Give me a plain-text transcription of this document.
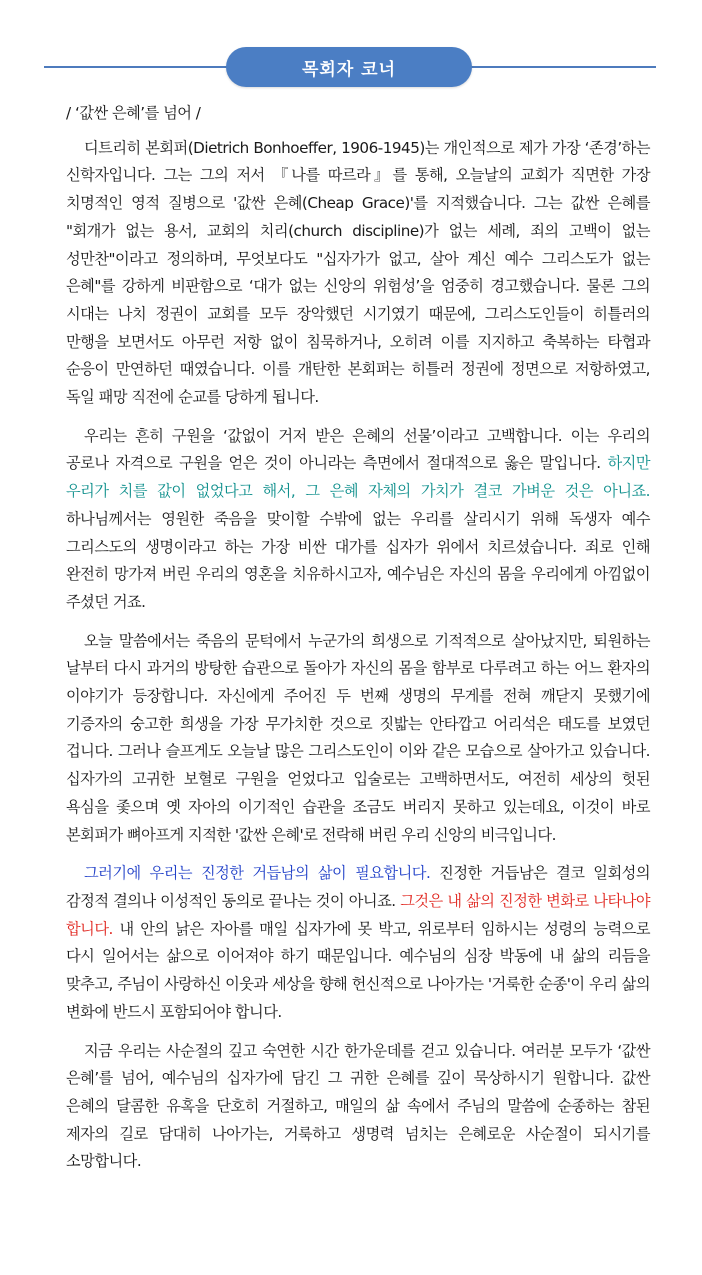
목회자 코너

/ ‘값싼 은혜’를 넘어 /

디트리히 본회퍼(Dietrich Bonhoeffer, 1906-1945)는 개인적으로 제가 가장 ‘존경’하는 신학자입니다. 그는 그의 저서 『나를 따르라』를 통해, 오늘날의 교회가 직면한 가장 치명적인 영적 질병으로 '값싼 은혜(Cheap Grace)'를 지적했습니다. 그는 값싼 은혜를 "회개가 없는 용서, 교회의 치리(church discipline)가 없는 세례, 죄의 고백이 없는 성만찬"이라고 정의하며, 무엇보다도 "십자가가 없고, 살아 계신 예수 그리스도가 없는 은혜"를 강하게 비판함으로 ‘대가 없는 신앙의 위험성’을 엄중히 경고했습니다. 물론 그의 시대는 나치 정권이 교회를 모두 장악했던 시기였기 때문에, 그리스도인들이 히틀러의 만행을 보면서도 아무런 저항 없이 침묵하거나, 오히려 이를 지지하고 축복하는 타협과 순응이 만연하던 때였습니다. 이를 개탄한 본회퍼는 히틀러 정권에 정면으로 저항하였고, 독일 패망 직전에 순교를 당하게 됩니다.

우리는 흔히 구원을 ‘값없이 거저 받은 은혜의 선물’이라고 고백합니다. 이는 우리의 공로나 자격으로 구원을 얻은 것이 아니라는 측면에서 절대적으로 옳은 말입니다. 하지만 우리가 치를 값이 없었다고 해서, 그 은혜 자체의 가치가 결코 가벼운 것은 아니죠. 하나님께서는 영원한 죽음을 맞이할 수밖에 없는 우리를 살리시기 위해 독생자 예수 그리스도의 생명이라고 하는 가장 비싼 대가를 십자가 위에서 치르셨습니다. 죄로 인해 완전히 망가져 버린 우리의 영혼을 치유하시고자, 예수님은 자신의 몸을 우리에게 아낌없이 주셨던 거죠.

오늘 말씀에서는 죽음의 문턱에서 누군가의 희생으로 기적적으로 살아났지만, 퇴원하는 날부터 다시 과거의 방탕한 습관으로 돌아가 자신의 몸을 함부로 다루려고 하는 어느 환자의 이야기가 등장합니다. 자신에게 주어진 두 번째 생명의 무게를 전혀 깨닫지 못했기에 기증자의 숭고한 희생을 가장 무가치한 것으로 짓밟는 안타깝고 어리석은 태도를 보였던 겁니다. 그러나 슬프게도 오늘날 많은 그리스도인이 이와 같은 모습으로 살아가고 있습니다. 십자가의 고귀한 보혈로 구원을 얻었다고 입술로는 고백하면서도, 여전히 세상의 헛된 욕심을 좇으며 옛 자아의 이기적인 습관을 조금도 버리지 못하고 있는데요, 이것이 바로 본회퍼가 뼈아프게 지적한 '값싼 은혜'로 전락해 버린 우리 신앙의 비극입니다.

그러기에 우리는 진정한 거듭남의 삶이 필요합니다. 진정한 거듭남은 결코 일회성의 감정적 결의나 이성적인 동의로 끝나는 것이 아니죠. 그것은 내 삶의 진정한 변화로 나타나야 합니다. 내 안의 낡은 자아를 매일 십자가에 못 박고, 위로부터 임하시는 성령의 능력으로 다시 일어서는 삶으로 이어져야 하기 때문입니다. 예수님의 심장 박동에 내 삶의 리듬을 맞추고, 주님이 사랑하신 이웃과 세상을 향해 헌신적으로 나아가는 '거룩한 순종'이 우리 삶의 변화에 반드시 포함되어야 합니다.

지금 우리는 사순절의 깊고 숙연한 시간 한가운데를 걷고 있습니다. 여러분 모두가 ‘값싼 은혜’를 넘어, 예수님의 십자가에 담긴 그 귀한 은혜를 깊이 묵상하시기 원합니다. 값싼 은혜의 달콤한 유혹을 단호히 거절하고, 매일의 삶 속에서 주님의 말씀에 순종하는 참된 제자의 길로 담대히 나아가는, 거룩하고 생명력 넘치는 은혜로운 사순절이 되시기를 소망합니다.
